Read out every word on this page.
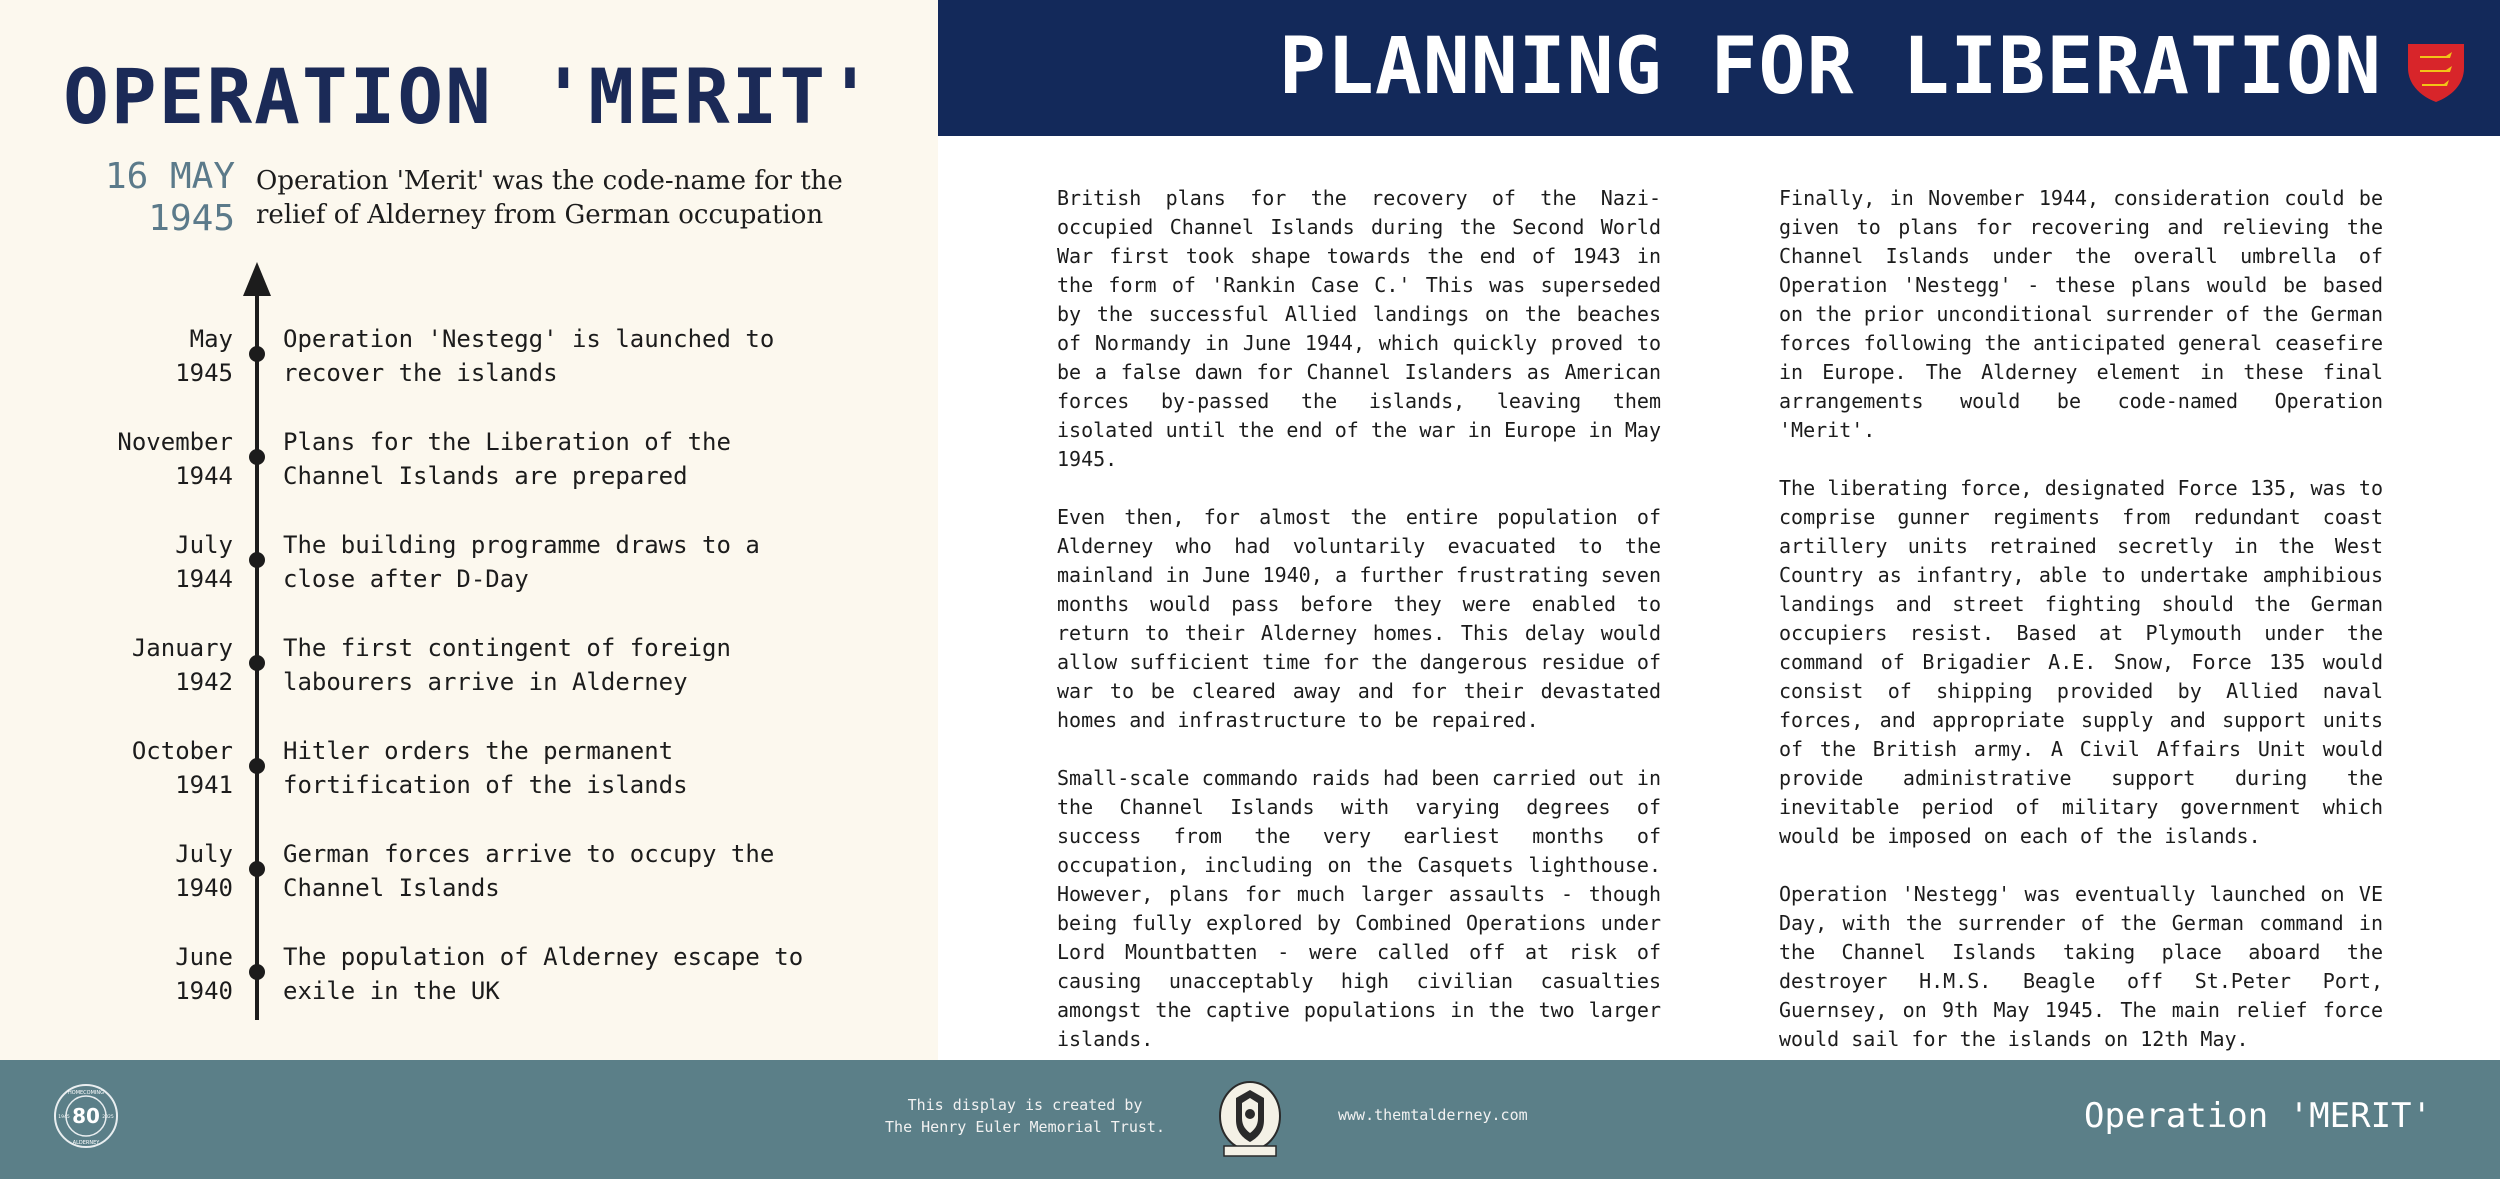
OPERATION 'MERIT'
16 MAY
1945
Operation 'Merit' was the code-name for the relief of Alderney from German occupation
May
1945
Operation 'Nestegg' is launched to recover the islands
November
1944
Plans for the Liberation of the Channel Islands are prepared
July
1944
The building programme draws to a close after D-Day
January
1942
The first contingent of foreign labourers arrive in Alderney
October
1941
Hitler orders the permanent fortification of the islands
July
1940
German forces arrive to occupy the Channel Islands
June
1940
The population of Alderney escape to exile in the UK
PLANNING FOR LIBERATION

British plans for the recovery of the Nazi-occupied Channel Islands during the Second World War first took shape towards the end of 1943 in the form of 'Rankin Case C.' This was superseded by the successful Allied landings on the beaches of Normandy in June 1944, which quickly proved to be a false dawn for Channel Islanders as American forces by-passed the islands, leaving them isolated until the end of the war in Europe in May 1945.

Even then, for almost the entire population of Alderney who had voluntarily evacuated to the mainland in June 1940, a further frustrating seven months would pass before they were enabled to return to their Alderney homes. This delay would allow sufficient time for the dangerous residue of war to be cleared away and for their devastated homes and infrastructure to be repaired.

Small-scale commando raids had been carried out in the Channel Islands with varying degrees of success from the very earliest months of occupation, including on the Casquets lighthouse. However, plans for much larger assaults - though being fully explored by Combined Operations under Lord Mountbatten - were called off at risk of causing unacceptably high civilian casualties amongst the captive populations in the two larger islands.

Finally, in November 1944, consideration could be given to plans for recovering and relieving the Channel Islands under the overall umbrella of Operation 'Nestegg' - these plans would be based on the prior unconditional surrender of the German forces following the anticipated general ceasefire in Europe. The Alderney element in these final arrangements would be code-named Operation 'Merit'.

The liberating force, designated Force 135, was to comprise gunner regiments from redundant coast artillery units retrained secretly in the West Country as infantry, able to undertake amphibious landings and street fighting should the German occupiers resist. Based at Plymouth under the command of Brigadier A.E. Snow, Force 135 would consist of shipping provided by Allied naval forces, and appropriate supply and support units of the British army. A Civil Affairs Unit would provide administrative support during the inevitable period of military government which would be imposed on each of the islands.

Operation 'Nestegg' was eventually launched on VE Day, with the surrender of the German command in the Channel Islands taking place aboard the destroyer H.M.S. Beagle off St.Peter Port, Guernsey, on 9th May 1945. The main relief force would sail for the islands on 12th May.

80
HOMECOMING
ALDERNEY
1945	2025
This display is created by
The Henry Euler Memorial Trust.
www.themtalderney.com	Operation 'MERIT'
